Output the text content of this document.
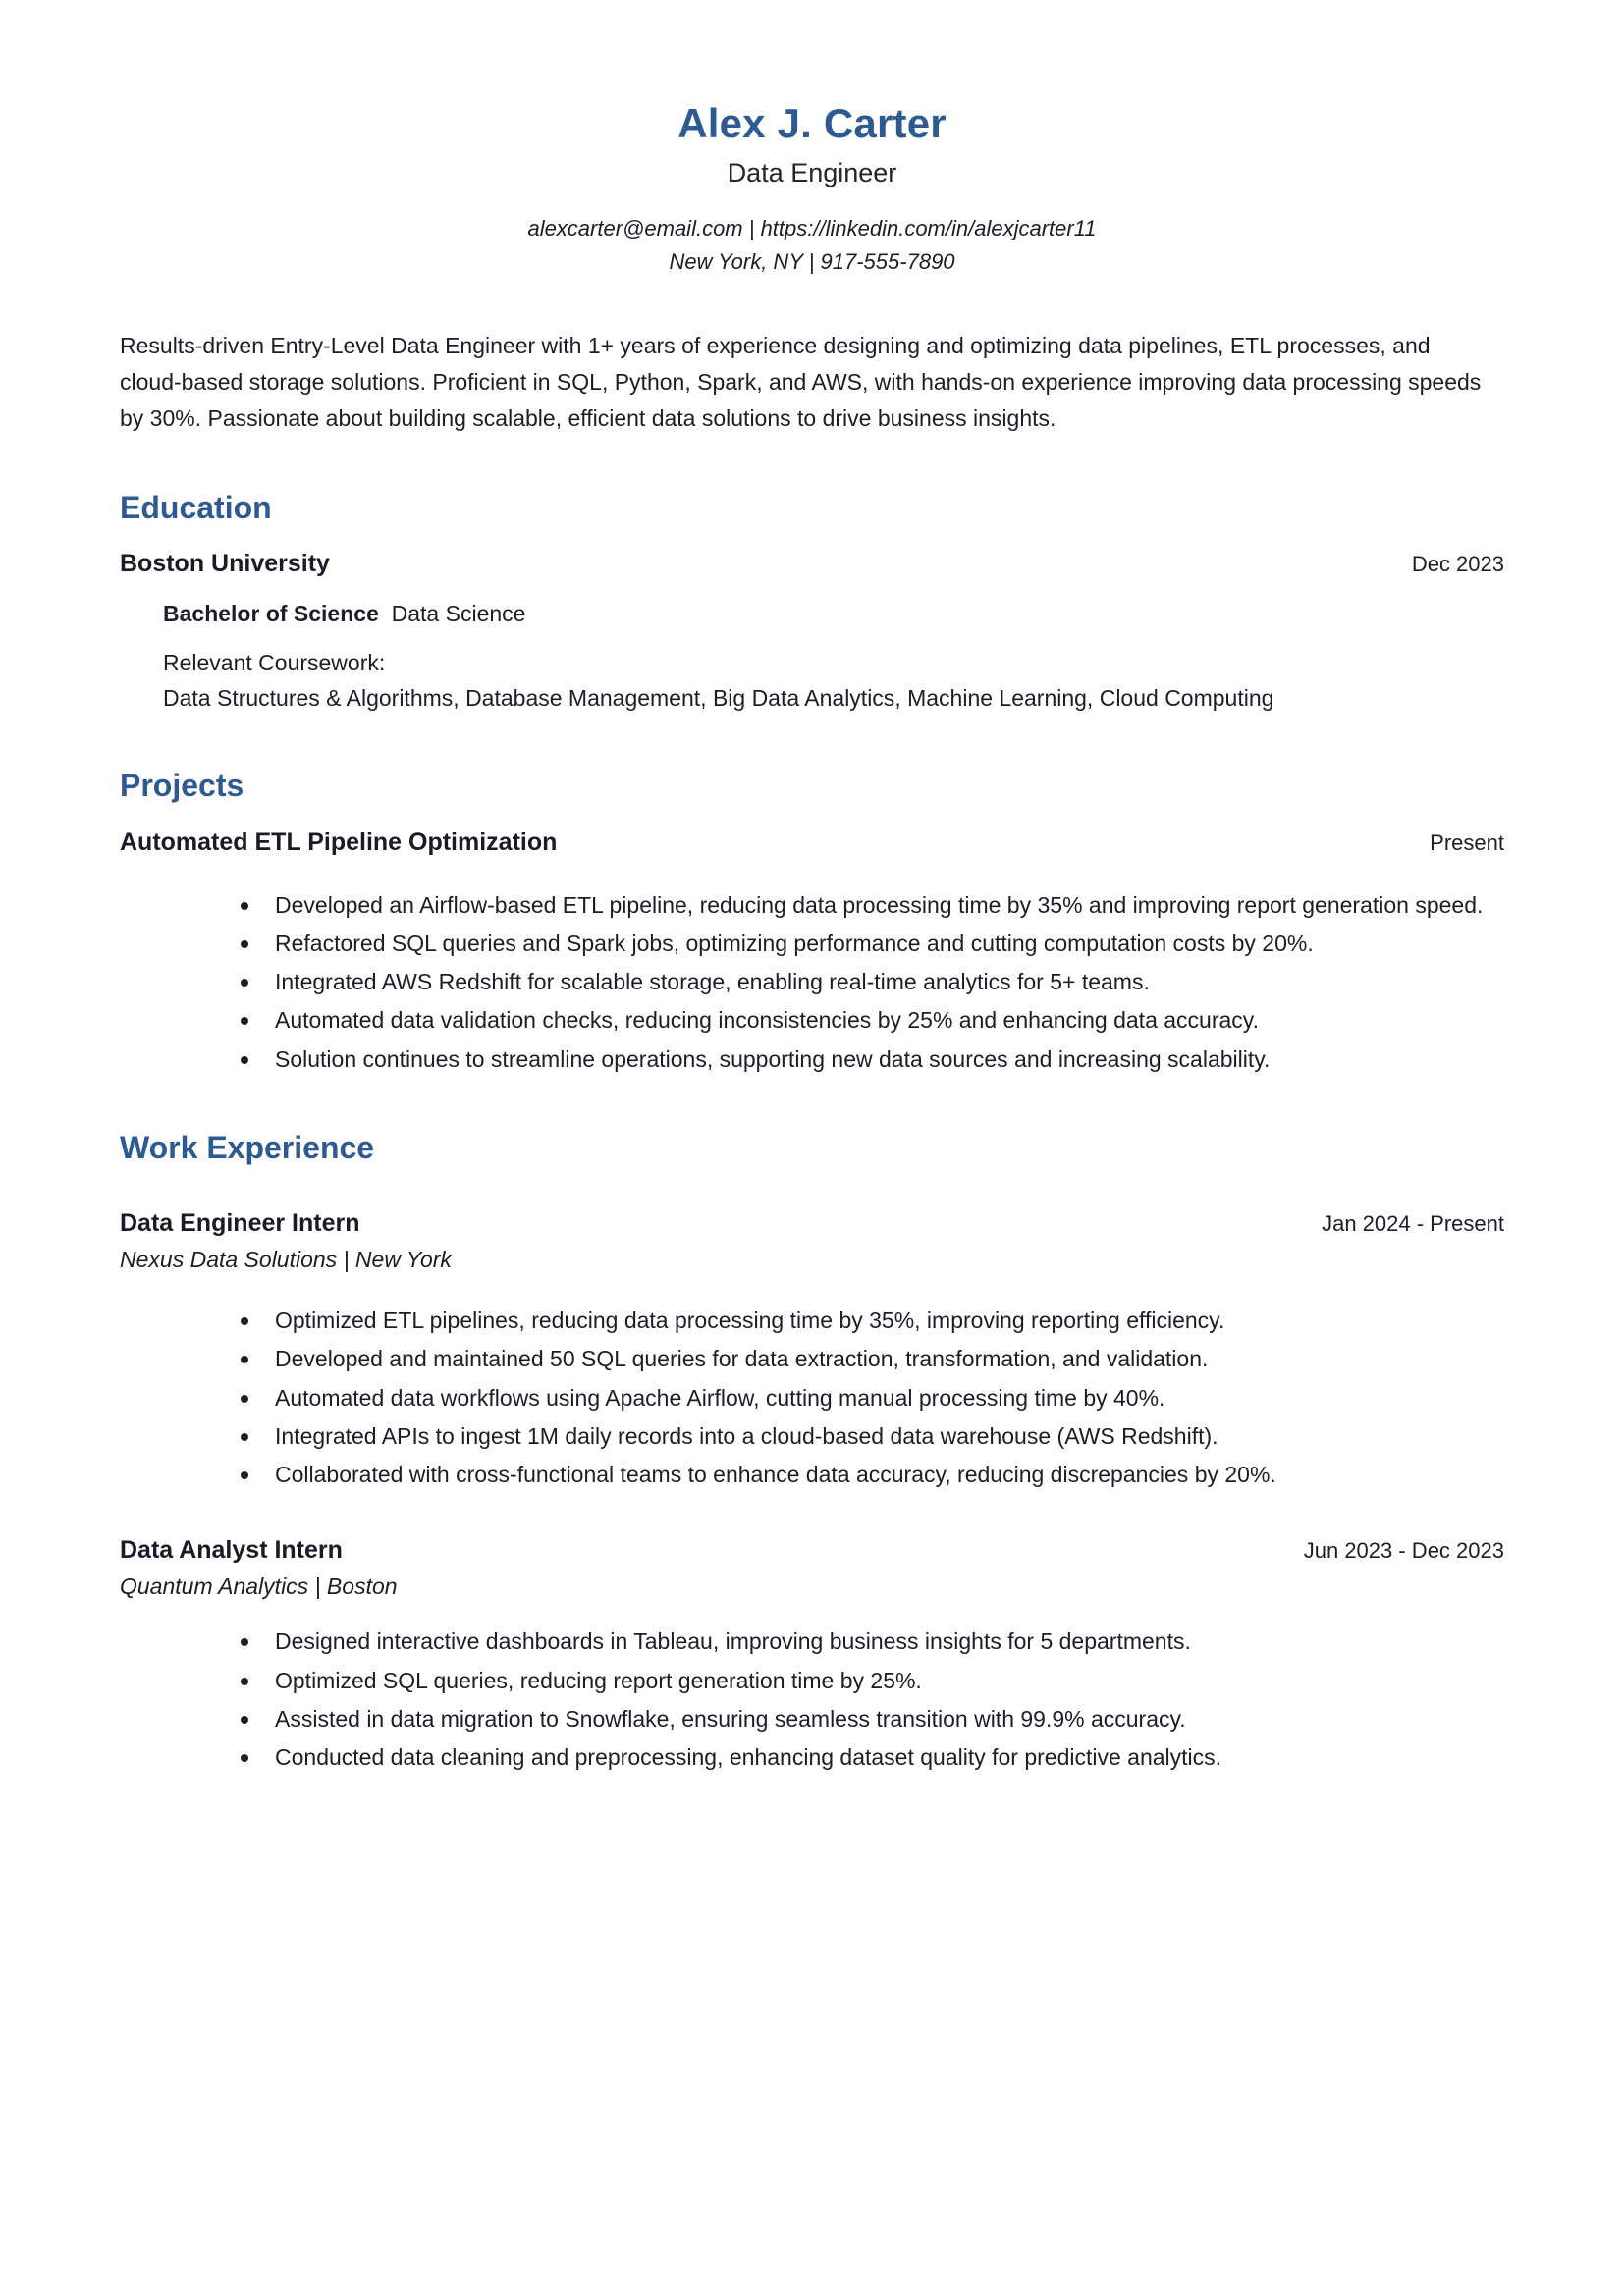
Alex J. Carter
Data Engineer
alexcarter@email.com | https://linkedin.com/in/alexjcarter11
New York, NY | 917-555-7890
Results-driven Entry-Level Data Engineer with 1+ years of experience designing and optimizing data pipelines, ETL processes, and cloud-based storage solutions. Proficient in SQL, Python, Spark, and AWS, with hands-on experience improving data processing speeds by 30%. Passionate about building scalable, efficient data solutions to drive business insights.
Education
Boston University	Dec 2023
Bachelor of Science Data Science
Relevant Coursework:
Data Structures & Algorithms, Database Management, Big Data Analytics, Machine Learning, Cloud Computing
Projects
Automated ETL Pipeline Optimization	Present
Developed an Airflow-based ETL pipeline, reducing data processing time by 35% and improving report generation speed.
Refactored SQL queries and Spark jobs, optimizing performance and cutting computation costs by 20%.
Integrated AWS Redshift for scalable storage, enabling real-time analytics for 5+ teams.
Automated data validation checks, reducing inconsistencies by 25% and enhancing data accuracy.
Solution continues to streamline operations, supporting new data sources and increasing scalability.
Work Experience
Data Engineer Intern	Jan 2024 - Present
Nexus Data Solutions | New York
Optimized ETL pipelines, reducing data processing time by 35%, improving reporting efficiency.
Developed and maintained 50 SQL queries for data extraction, transformation, and validation.
Automated data workflows using Apache Airflow, cutting manual processing time by 40%.
Integrated APIs to ingest 1M daily records into a cloud-based data warehouse (AWS Redshift).
Collaborated with cross-functional teams to enhance data accuracy, reducing discrepancies by 20%.
Data Analyst Intern	Jun 2023 - Dec 2023
Quantum Analytics | Boston
Designed interactive dashboards in Tableau, improving business insights for 5 departments.
Optimized SQL queries, reducing report generation time by 25%.
Assisted in data migration to Snowflake, ensuring seamless transition with 99.9% accuracy.
Conducted data cleaning and preprocessing, enhancing dataset quality for predictive analytics.
